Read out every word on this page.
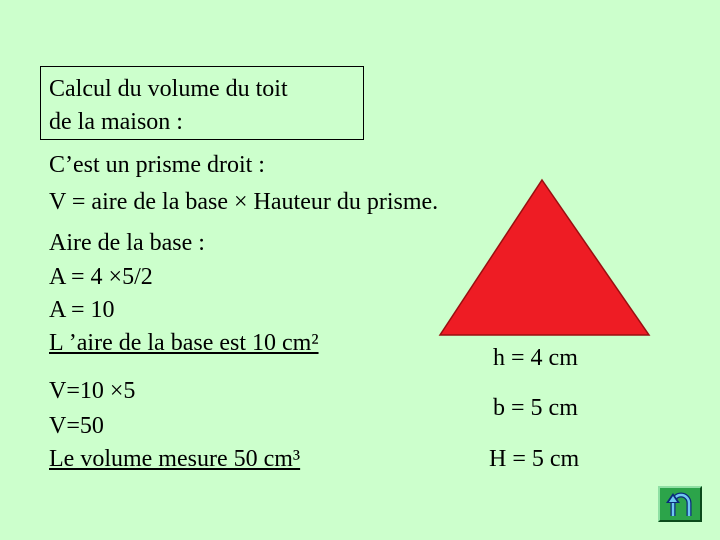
Calcul du volume du toit
de la maison :
C’est un prisme droit :
V = aire de la base × Hauteur du prisme.
Aire de la base :
A = 4 ×5/2
A = 10
L ’aire de la base est 10 cm²
V=10 ×5
V=50
Le volume mesure 50 cm³
h = 4 cm
b = 5 cm
H = 5 cm
